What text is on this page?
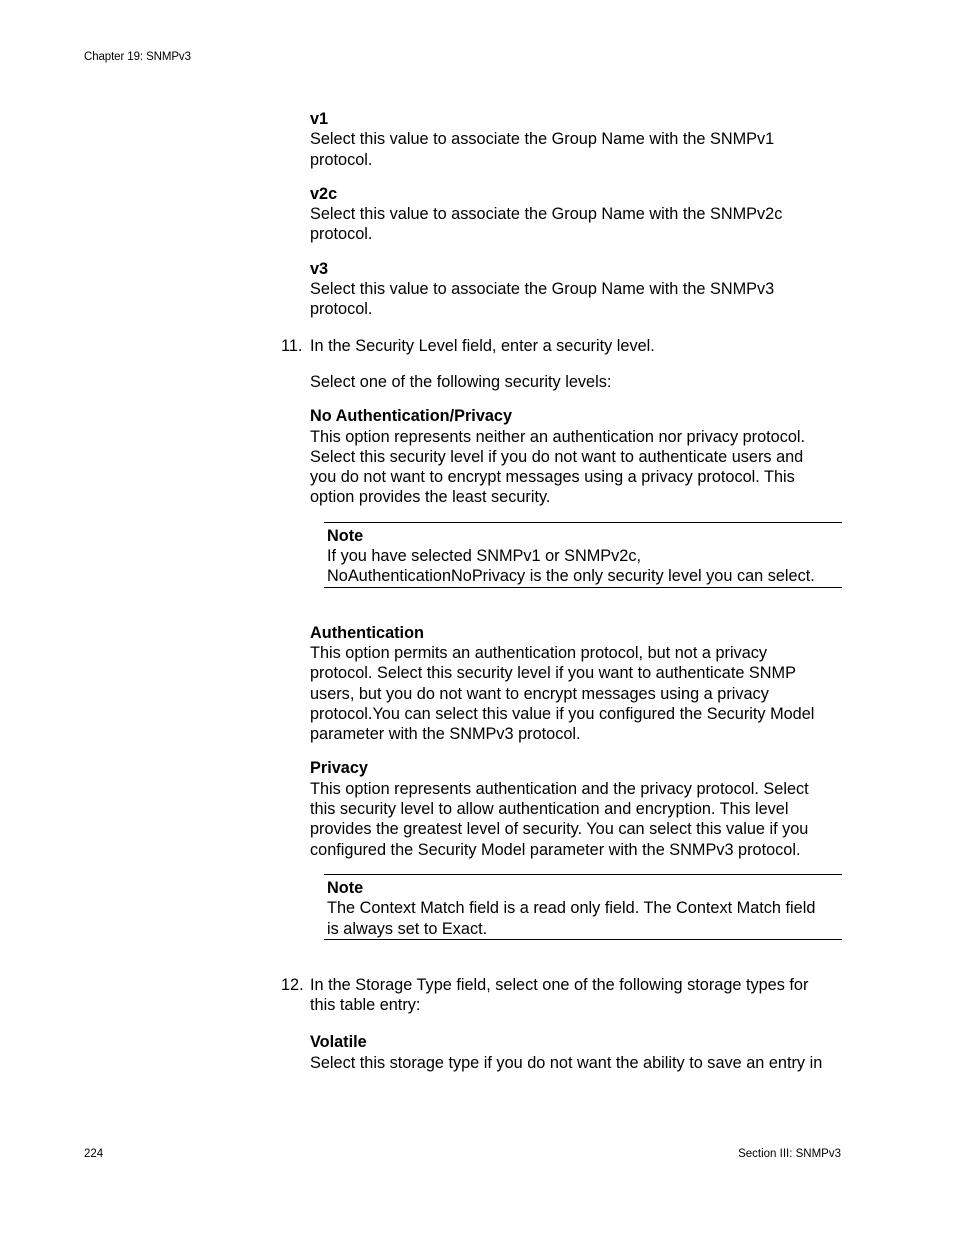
Chapter 19: SNMPv3
v1
Select this value to associate the Group Name with the SNMPv1
protocol.
v2c
Select this value to associate the Group Name with the SNMPv2c
protocol.
v3
Select this value to associate the Group Name with the SNMPv3
protocol.
11. In the Security Level field, enter a security level.
Select one of the following security levels:
No Authentication/Privacy
This option represents neither an authentication nor privacy protocol.
Select this security level if you do not want to authenticate users and
you do not want to encrypt messages using a privacy protocol. This
option provides the least security.
Note
If you have selected SNMPv1 or SNMPv2c,
NoAuthenticationNoPrivacy is the only security level you can select.
Authentication
This option permits an authentication protocol, but not a privacy
protocol. Select this security level if you want to authenticate SNMP
users, but you do not want to encrypt messages using a privacy
protocol.You can select this value if you configured the Security Model
parameter with the SNMPv3 protocol.
Privacy
This option represents authentication and the privacy protocol. Select
this security level to allow authentication and encryption. This level
provides the greatest level of security. You can select this value if you
configured the Security Model parameter with the SNMPv3 protocol.
Note
The Context Match field is a read only field. The Context Match field
is always set to Exact.
12. In the Storage Type field, select one of the following storage types for
this table entry:
Volatile
Select this storage type if you do not want the ability to save an entry in
224	Section III: SNMPv3
